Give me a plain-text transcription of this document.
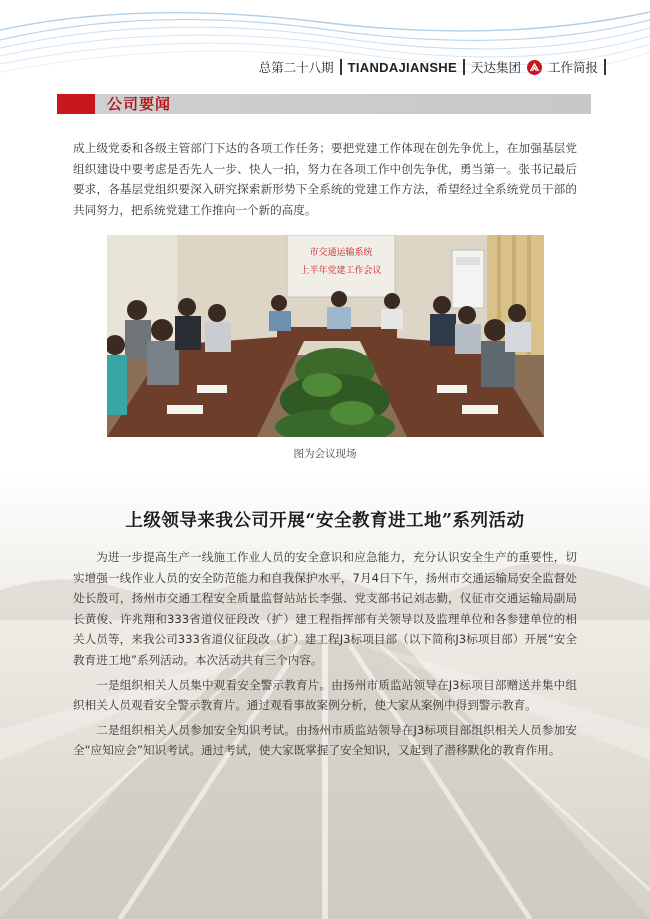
总第二十八期 TIANDAJIANSHE 天达集团 工作简报
公司要闻
成上级党委和各级主管部门下达的各项工作任务；要把党建工作体现在创先争优上，在加强基层党组织建设中要考虑是否先人一步、快人一拍，努力在各项工作中创先争优，勇当第一。张书记最后要求，各基层党组织要深入研究探索新形势下全系统的党建工作方法，希望经过全系统党员干部的共同努力，把系统党建工作推向一个新的高度。
市交通运输系统
上半年党建工作会议
图为会议现场
上级领导来我公司开展“安全教育进工地”系列活动

为进一步提高生产一线施工作业人员的安全意识和应急能力，充分认识安全生产的重要性，切实增强一线作业人员的安全防范能力和自我保护水平，7月4日下午，扬州市交通运输局安全监督处处长殷可，扬州市交通工程安全质量监督站站长李强、党支部书记刘志勤，仪征市交通运输局副局长黄俊、许兆翔和333省道仪征段改（扩）建工程指挥部有关领导以及监理单位和各参建单位的相关人员等，来我公司333省道仪征段改（扩）建工程J3标项目部（以下简称J3标项目部）开展“安全教育进工地”系列活动。本次活动共有三个内容。

一是组织相关人员集中观看安全警示教育片。由扬州市质监站领导在J3标项目部赠送并集中组织相关人员观看安全警示教育片。通过观看事故案例分析，使大家从案例中得到警示教育。

二是组织相关人员参加安全知识考试。由扬州市质监站领导在J3标项目部组织相关人员参加安全“应知应会”知识考试。通过考试，使大家既掌握了安全知识，又起到了潜移默化的教育作用。
